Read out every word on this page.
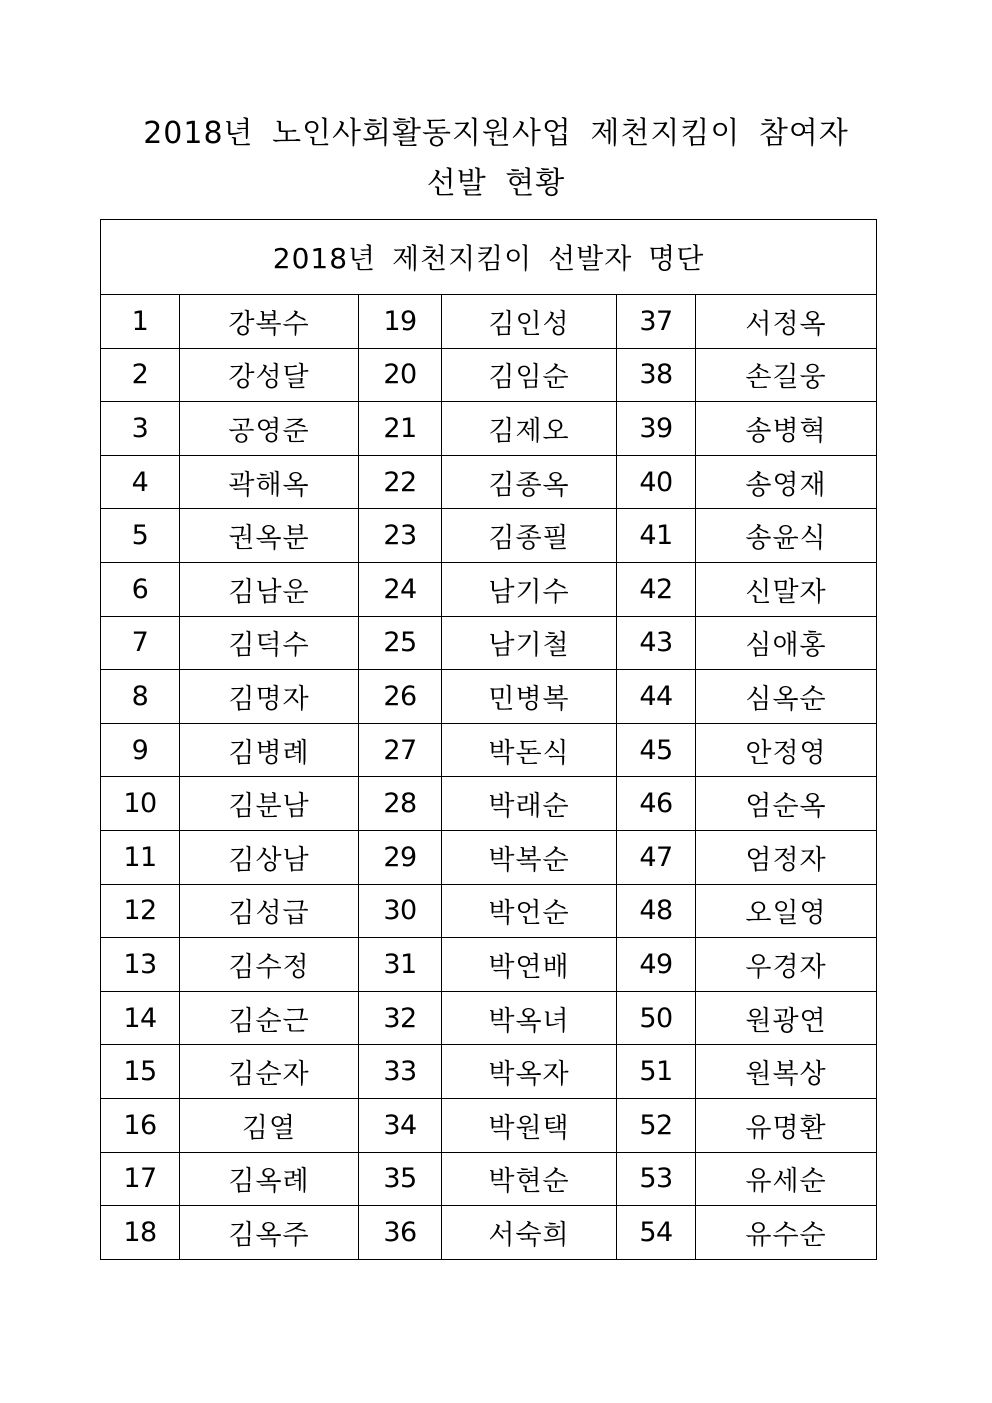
2018년 노인사회활동지원사업 제천지킴이 참여자
선발 현황
2018년 제천지킴이 선발자 명단					
1	강복수	19	김인성	37	서정옥
2	강성달	20	김임순	38	손길웅
3	공영준	21	김제오	39	송병혁
4	곽해옥	22	김종옥	40	송영재
5	권옥분	23	김종필	41	송윤식
6	김남운	24	남기수	42	신말자
7	김덕수	25	남기철	43	심애홍
8	김명자	26	민병복	44	심옥순
9	김병례	27	박돈식	45	안정영
10	김분남	28	박래순	46	엄순옥
11	김상남	29	박복순	47	엄정자
12	김성급	30	박언순	48	오일영
13	김수정	31	박연배	49	우경자
14	김순근	32	박옥녀	50	원광연
15	김순자	33	박옥자	51	원복상
16	김열	34	박원택	52	유명환
17	김옥례	35	박현순	53	유세순
18	김옥주	36	서숙희	54	유수순
